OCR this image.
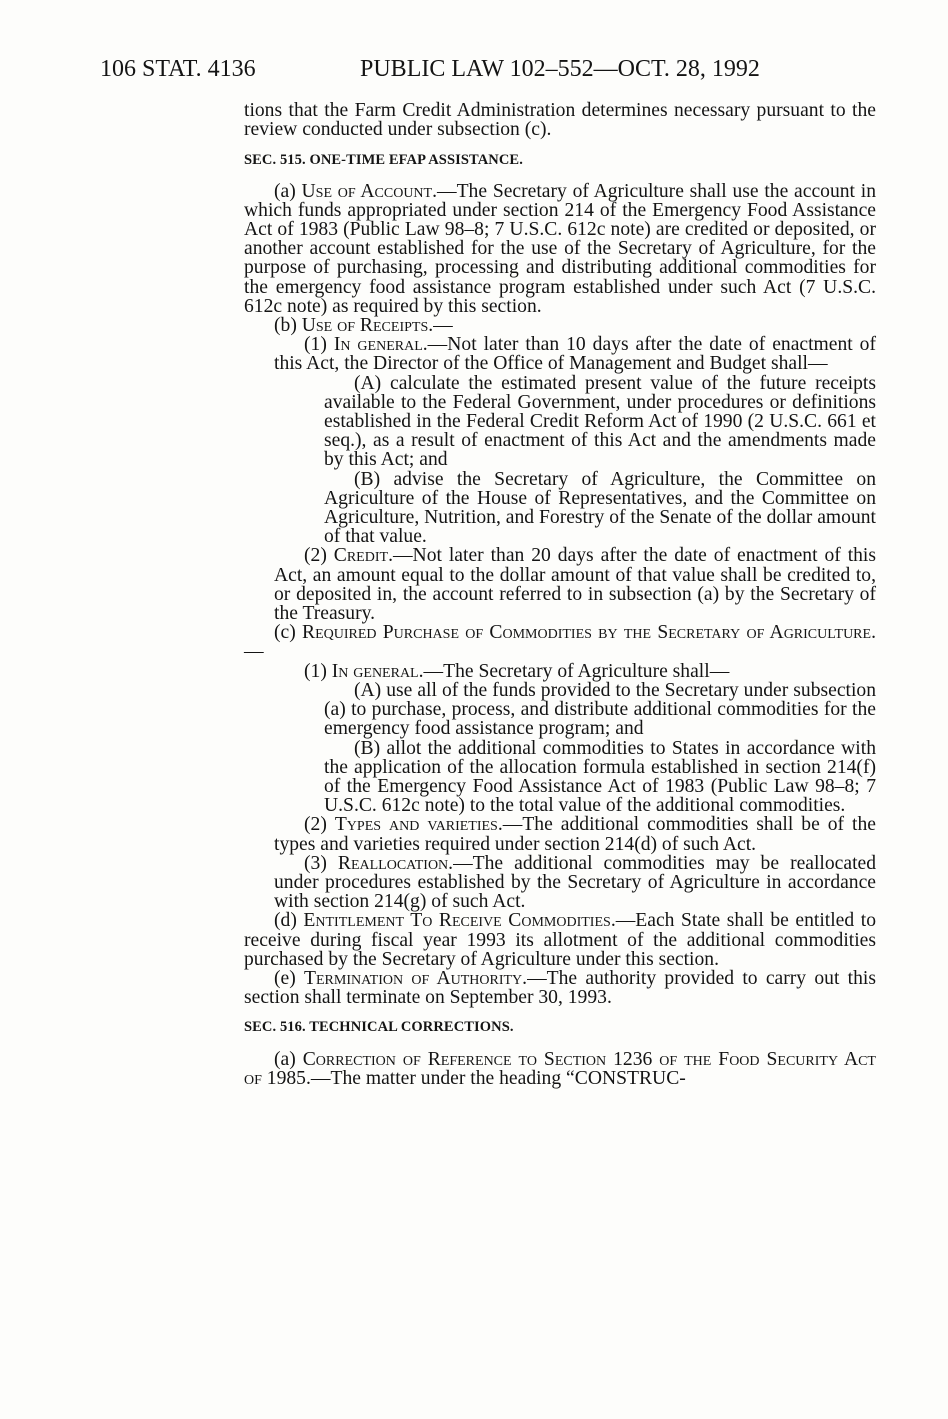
106 STAT. 4136	PUBLIC LAW 102–552—OCT. 28, 1992

tions that the Farm Credit Administration determines necessary pursuant to the review conducted under subsection (c).

SEC. 515. ONE-TIME EFAP ASSISTANCE.

(a) Use of Account.—The Secretary of Agriculture shall use the account in which funds appropriated under section 214 of the Emergency Food Assistance Act of 1983 (Public Law 98–8; 7 U.S.C. 612c note) are credited or deposited, or another account established for the use of the Secretary of Agriculture, for the purpose of purchasing, processing and distributing additional commodities for the emergency food assistance program established under such Act (7 U.S.C. 612c note) as required by this section.

(b) Use of Receipts.—

(1) In general.—Not later than 10 days after the date of enactment of this Act, the Director of the Office of Management and Budget shall—

(A) calculate the estimated present value of the future receipts available to the Federal Government, under procedures or definitions established in the Federal Credit Reform Act of 1990 (2 U.S.C. 661 et seq.), as a result of enactment of this Act and the amendments made by this Act; and

(B) advise the Secretary of Agriculture, the Committee on Agriculture of the House of Representatives, and the Committee on Agriculture, Nutrition, and Forestry of the Senate of the dollar amount of that value.

(2) Credit.—Not later than 20 days after the date of enactment of this Act, an amount equal to the dollar amount of that value shall be credited to, or deposited in, the account referred to in subsection (a) by the Secretary of the Treasury.

(c) Required Purchase of Commodities by the Secretary of Agriculture.—

(1) In general.—The Secretary of Agriculture shall—

(A) use all of the funds provided to the Secretary under subsection (a) to purchase, process, and distribute additional commodities for the emergency food assistance program; and

(B) allot the additional commodities to States in accordance with the application of the allocation formula established in section 214(f) of the Emergency Food Assistance Act of 1983 (Public Law 98–8; 7 U.S.C. 612c note) to the total value of the additional commodities.

(2) Types and varieties.—The additional commodities shall be of the types and varieties required under section 214(d) of such Act.

(3) Reallocation.—The additional commodities may be reallocated under procedures established by the Secretary of Agriculture in accordance with section 214(g) of such Act.

(d) Entitlement To Receive Commodities.—Each State shall be entitled to receive during fiscal year 1993 its allotment of the additional commodities purchased by the Secretary of Agriculture under this section.

(e) Termination of Authority.—The authority provided to carry out this section shall terminate on September 30, 1993.

SEC. 516. TECHNICAL CORRECTIONS.

(a) Correction of Reference to Section 1236 of the Food Security Act of 1985.—The matter under the heading “CONSTRUC-
